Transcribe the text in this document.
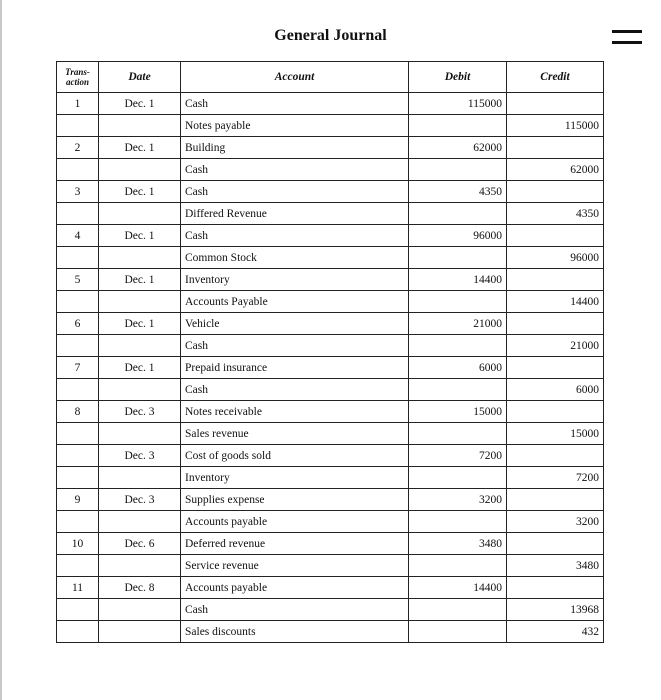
General Journal
Trans- action	Date	Account	Debit	Credit
1	Dec. 1	Cash	115000	
		Notes payable		115000
2	Dec. 1	Building	62000	
		Cash		62000
3	Dec. 1	Cash	4350	
		Differed Revenue		4350
4	Dec. 1	Cash	96000	
		Common Stock		96000
5	Dec. 1	Inventory	14400	
		Accounts Payable		14400
6	Dec. 1	Vehicle	21000	
		Cash		21000
7	Dec. 1	Prepaid insurance	6000	
		Cash		6000
8	Dec. 3	Notes receivable	15000	
		Sales revenue		15000
	Dec. 3	Cost of goods sold	7200	
		Inventory		7200
9	Dec. 3	Supplies expense	3200	
		Accounts payable		3200
10	Dec. 6	Deferred revenue	3480	
		Service revenue		3480
11	Dec. 8	Accounts payable	14400	
		Cash		13968
		Sales discounts		432
